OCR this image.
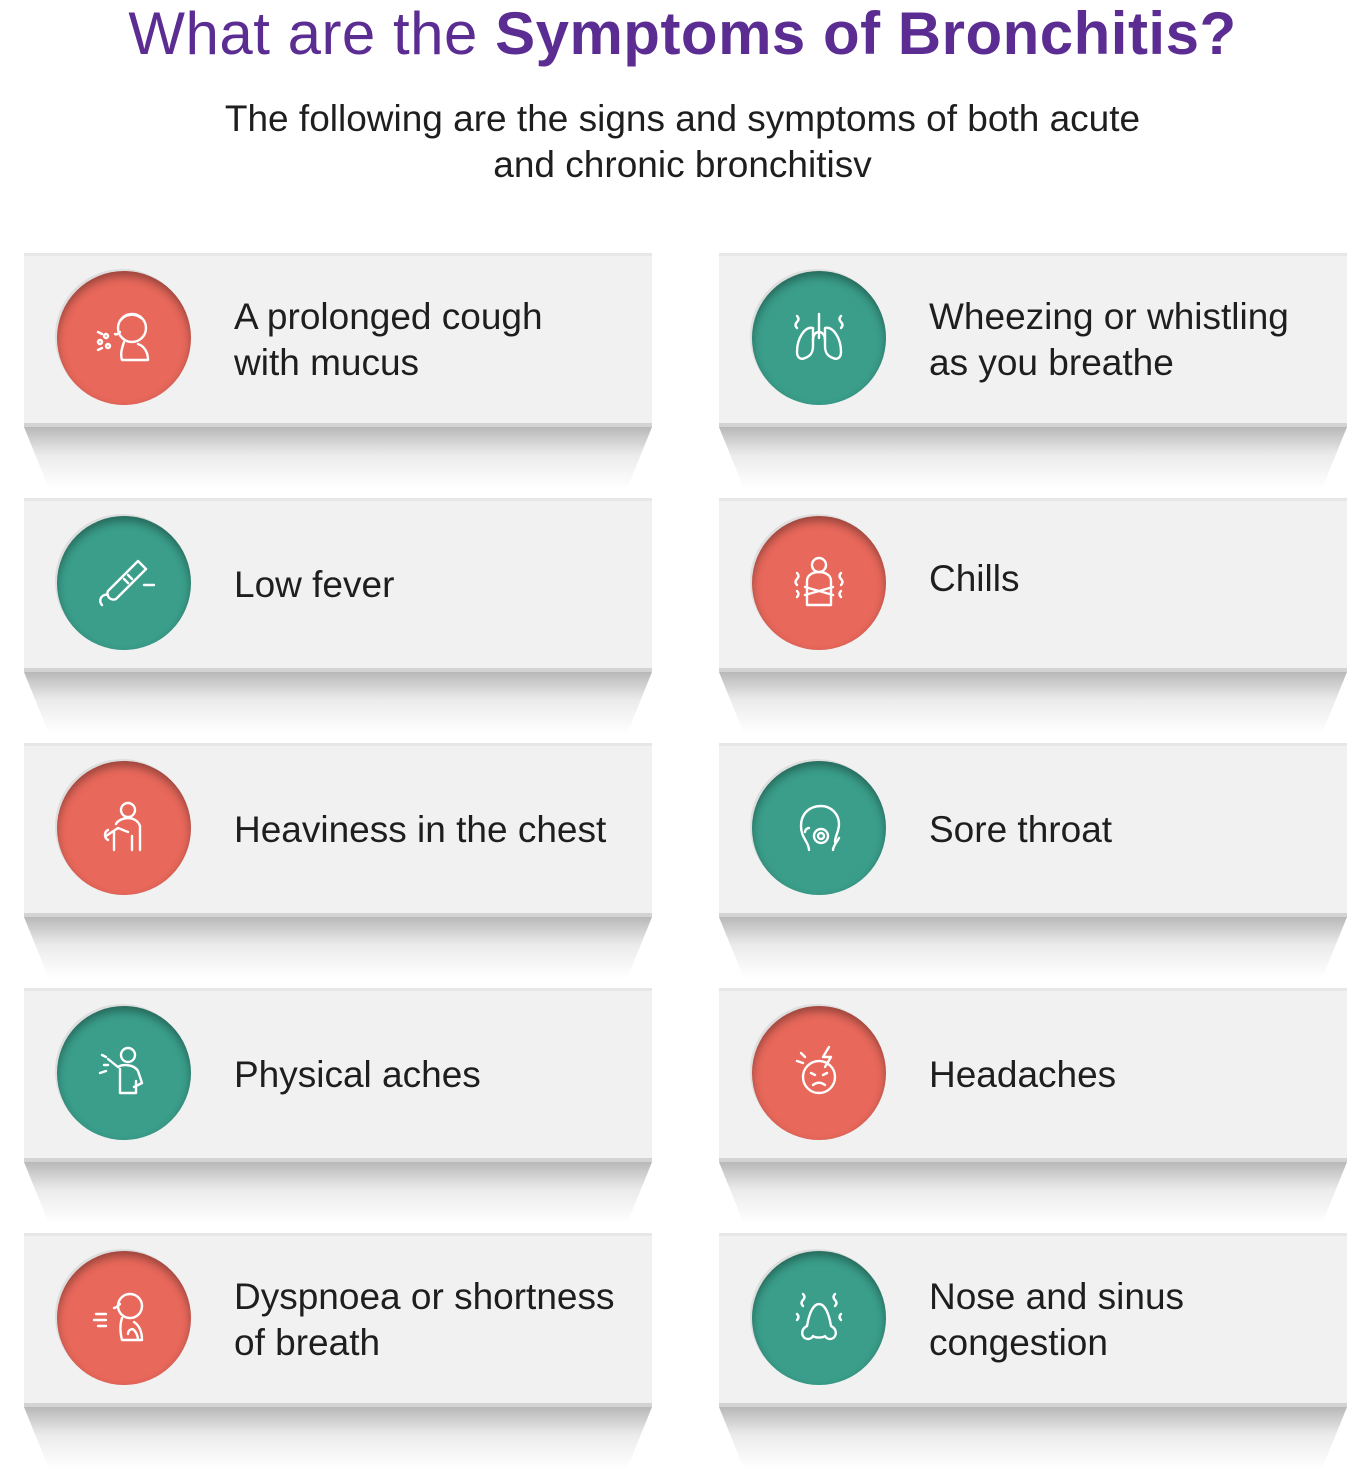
What are the Symptoms of Bronchitis?

The following are the signs and symptoms of both acute
and chronic bronchitisv

A prolonged cough
with mucus
Wheezing or whistling
as you breathe
Low fever	Chills
Heaviness in the chest	Sore throat
Physical aches	Headaches
Dyspnoea or shortness
of breath
Nose and sinus
congestion
